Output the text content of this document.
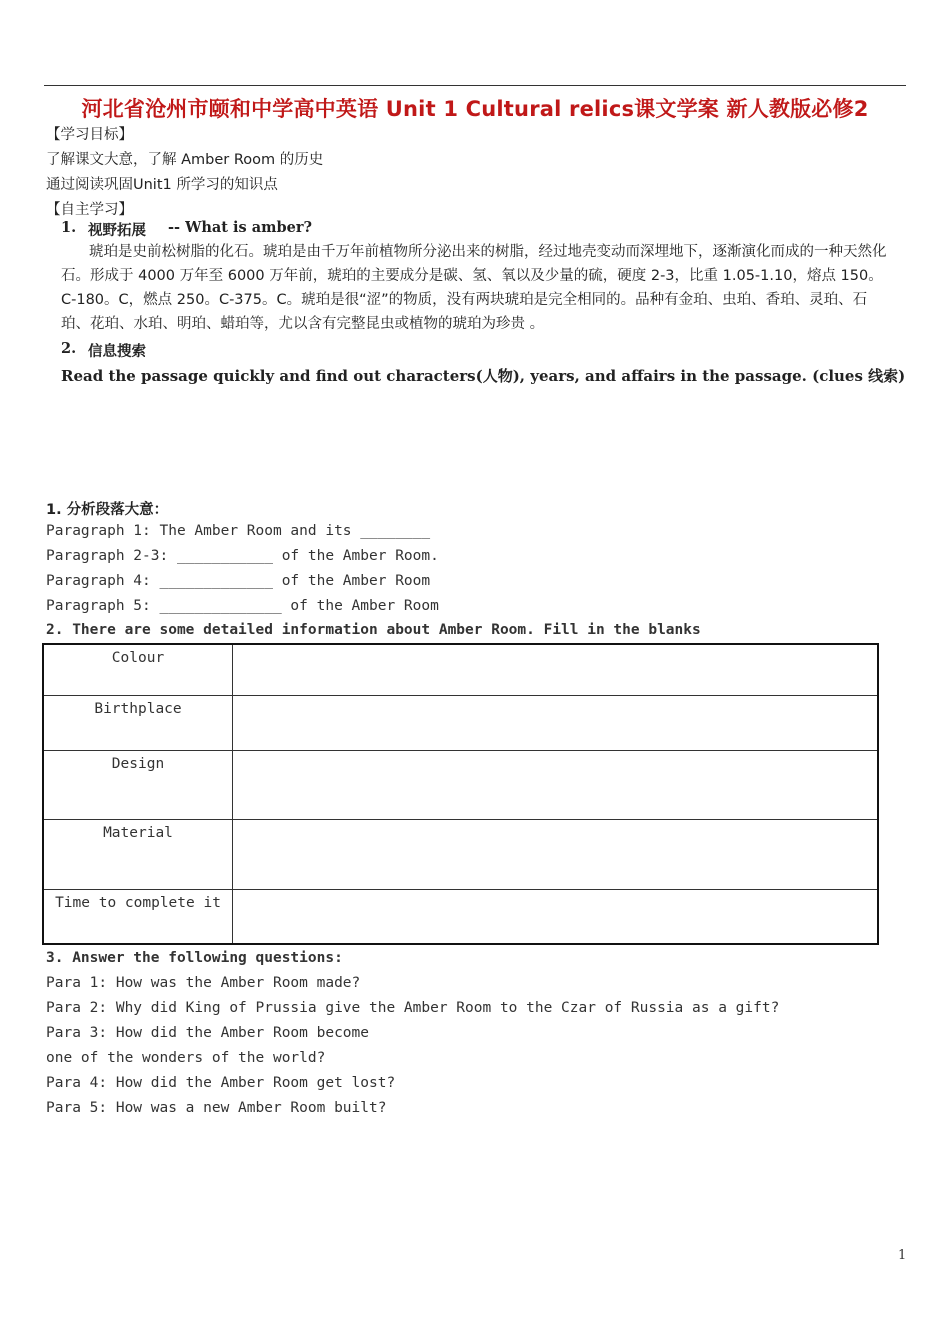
河北省沧州市颐和中学高中英语 Unit 1 Cultural relics课文学案 新人教版必修2
【学习目标】
了解课文大意，了解 Amber Room 的历史
通过阅读巩固Unit1 所学习的知识点
【自主学习】
1. 视野拓展 -- What is amber?
琥珀是史前松树脂的化石。琥珀是由千万年前植物所分泌出来的树脂，经过地壳变动而深埋地下，逐渐演化而成的一种天然化石。形成于 4000 万年至 6000 万年前，琥珀的主要成分是碳、氢、氧以及少量的硫，硬度 2-3，比重 1.05-1.10，熔点 150。C-180。C，燃点 250。C-375。C。琥珀是很“涩”的物质，没有两块琥珀是完全相同的。品种有金珀、虫珀、香珀、灵珀、石珀、花珀、水珀、明珀、蜡珀等，尤以含有完整昆虫或植物的琥珀为珍贵 。
2. 信息搜索
Read the passage quickly and find out characters(人物), years, and affairs in the passage. (clues 线索)
1. 分析段落大意：
Paragraph 1: The Amber Room and its ________
Paragraph 2-3: ___________ of the Amber Room.
Paragraph 4: _____________ of the Amber Room
Paragraph 5: ______________ of the Amber Room
2. There are some detailed information about Amber Room. Fill in the blanks
Colour	
Birthplace	
Design	
Material	
Time to complete it	
3. Answer the following questions:
Para 1: How was the Amber Room made?
Para 2: Why did King of Prussia give the Amber Room to the Czar of Russia as a gift?
Para 3: How did the Amber Room become
one of the wonders of the world?
Para 4: How did the Amber Room get lost?
Para 5: How was a new Amber Room built?
1
